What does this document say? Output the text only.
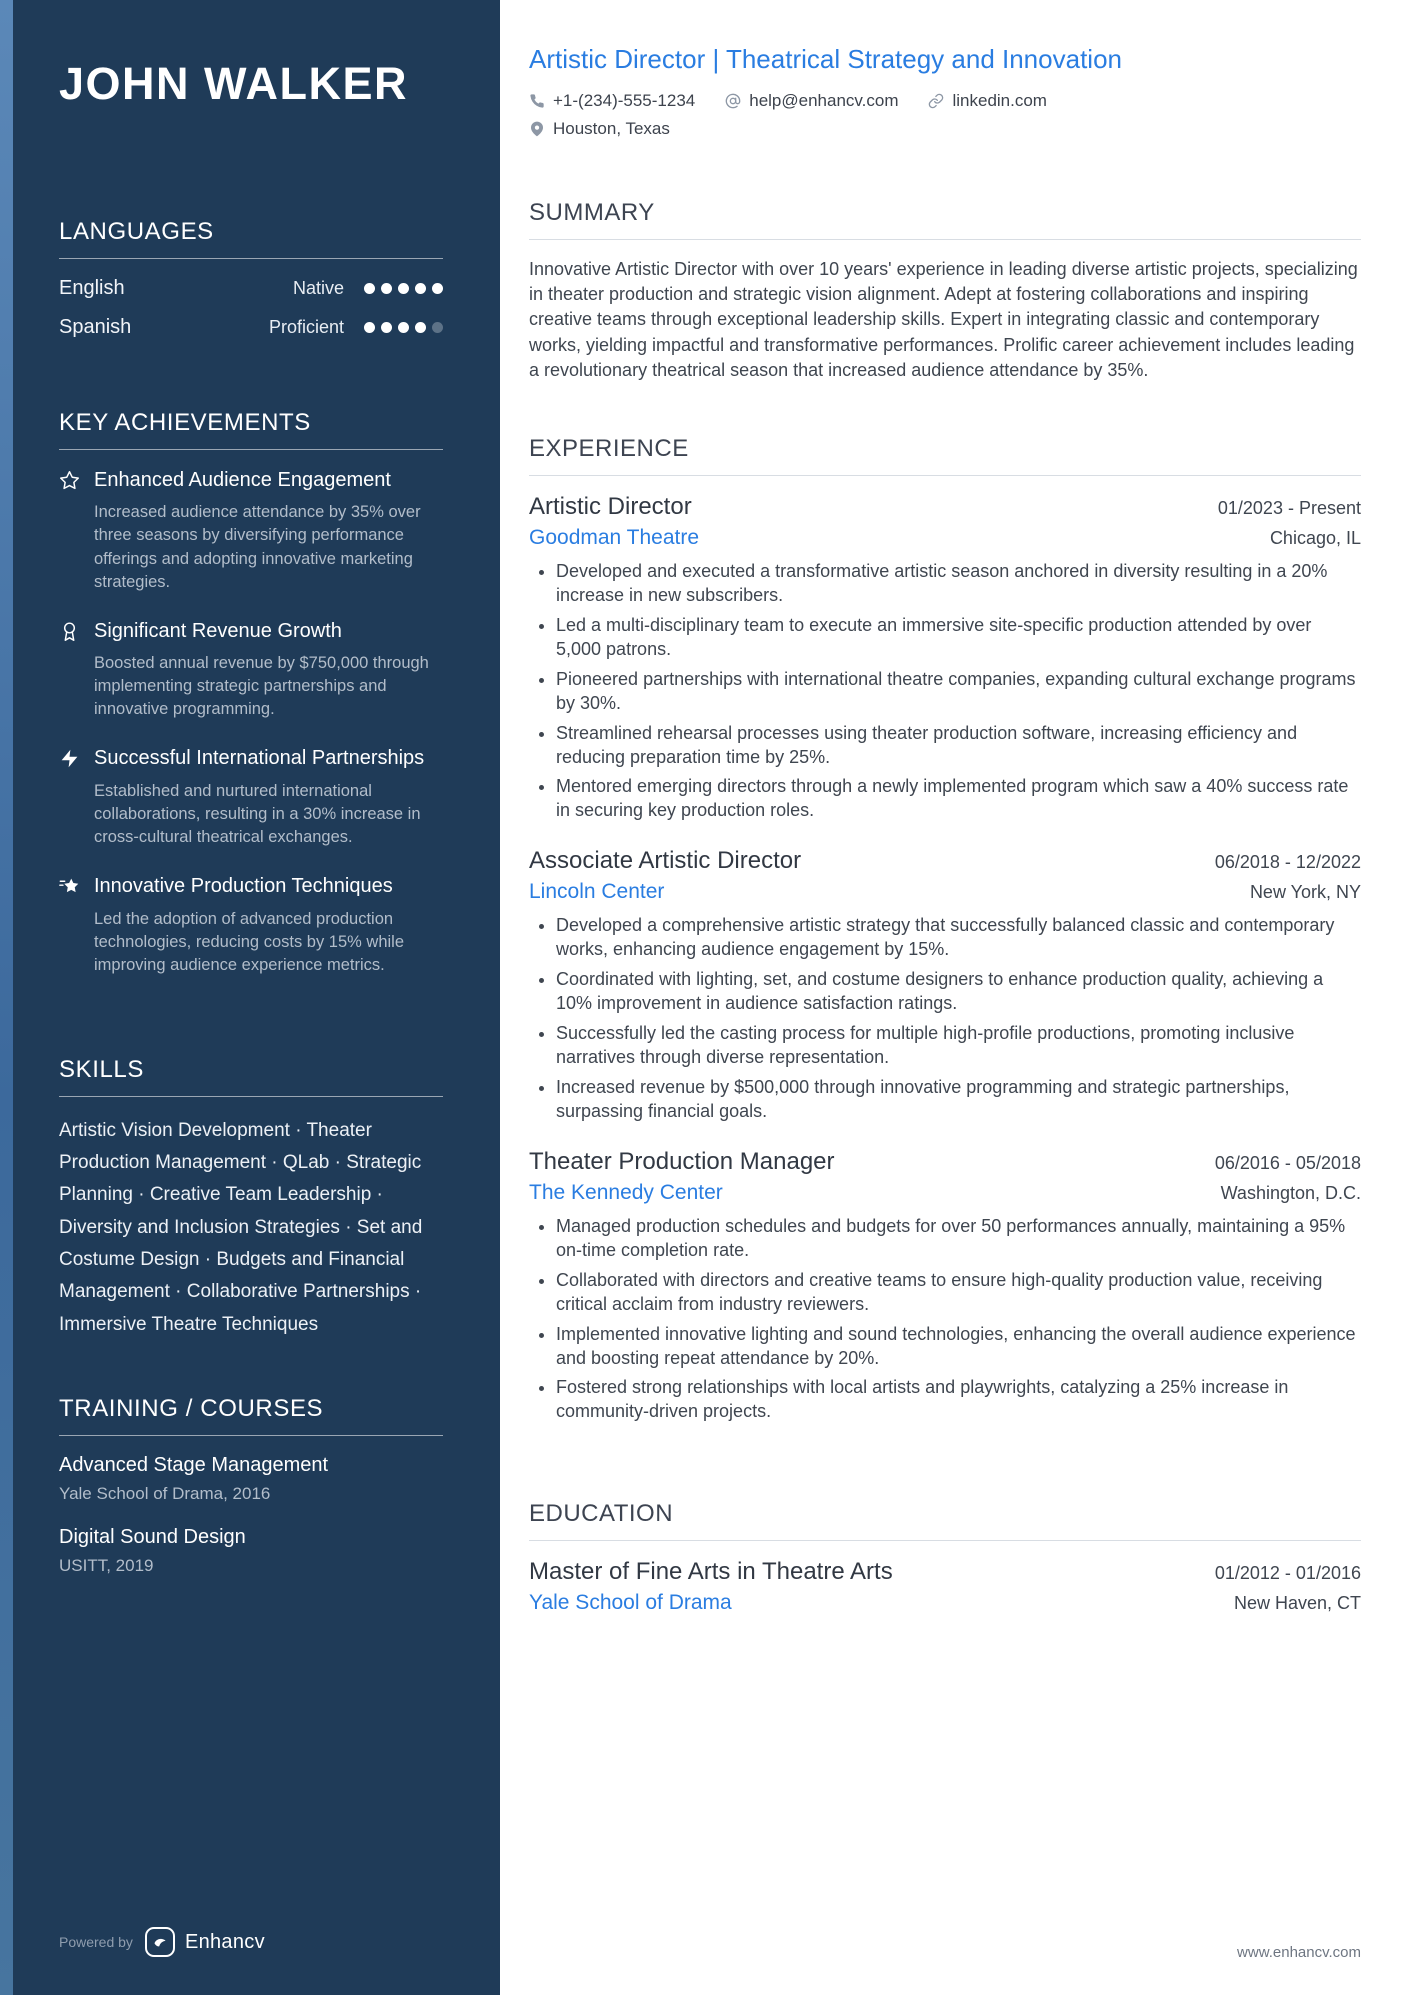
JOHN WALKER
LANGUAGES
English	Native
Spanish	Proficient
KEY ACHIEVEMENTS
Enhanced Audience Engagement
Increased audience attendance by 35% over three seasons by diversifying performance offerings and adopting innovative marketing strategies.
Significant Revenue Growth
Boosted annual revenue by $750,000 through implementing strategic partnerships and innovative programming.
Successful International Partnerships
Established and nurtured international collaborations, resulting in a 30% increase in cross-cultural theatrical exchanges.
Innovative Production Techniques
Led the adoption of advanced production technologies, reducing costs by 15% while improving audience experience metrics.
SKILLS

Artistic Vision Development · Theater Production Management · QLab · Strategic Planning · Creative Team Leadership · Diversity and Inclusion Strategies · Set and Costume Design · Budgets and Financial Management · Collaborative Partnerships · Immersive Theatre Techniques

TRAINING / COURSES
Advanced Stage Management
Yale School of Drama, 2016
Digital Sound Design
USITT, 2019
Powered by	Enhancv
Artistic Director | Theatrical Strategy and Innovation
+1-(234)-555-1234	help@enhancv.com	linkedin.com
Houston, Texas
SUMMARY

Innovative Artistic Director with over 10 years' experience in leading diverse artistic projects, specializing in theater production and strategic vision alignment. Adept at fostering collaborations and inspiring creative teams through exceptional leadership skills. Expert in integrating classic and contemporary works, yielding impactful and transformative performances. Prolific career achievement includes leading a revolutionary theatrical season that increased audience attendance by 35%.

EXPERIENCE
Artistic Director	01/2023 - Present
Goodman Theatre	Chicago, IL
• Developed and executed a transformative artistic season anchored in diversity resulting in a 20% increase in new subscribers.
• Led a multi-disciplinary team to execute an immersive site-specific production attended by over 5,000 patrons.
• Pioneered partnerships with international theatre companies, expanding cultural exchange programs by 30%.
• Streamlined rehearsal processes using theater production software, increasing efficiency and reducing preparation time by 25%.
• Mentored emerging directors through a newly implemented program which saw a 40% success rate in securing key production roles.
Associate Artistic Director	06/2018 - 12/2022
Lincoln Center	New York, NY
• Developed a comprehensive artistic strategy that successfully balanced classic and contemporary works, enhancing audience engagement by 15%.
• Coordinated with lighting, set, and costume designers to enhance production quality, achieving a 10% improvement in audience satisfaction ratings.
• Successfully led the casting process for multiple high-profile productions, promoting inclusive narratives through diverse representation.
• Increased revenue by $500,000 through innovative programming and strategic partnerships, surpassing financial goals.
Theater Production Manager	06/2016 - 05/2018
The Kennedy Center	Washington, D.C.
• Managed production schedules and budgets for over 50 performances annually, maintaining a 95% on-time completion rate.
• Collaborated with directors and creative teams to ensure high-quality production value, receiving critical acclaim from industry reviewers.
• Implemented innovative lighting and sound technologies, enhancing the overall audience experience and boosting repeat attendance by 20%.
• Fostered strong relationships with local artists and playwrights, catalyzing a 25% increase in community-driven projects.
EDUCATION
Master of Fine Arts in Theatre Arts	01/2012 - 01/2016
Yale School of Drama	New Haven, CT
www.enhancv.com
